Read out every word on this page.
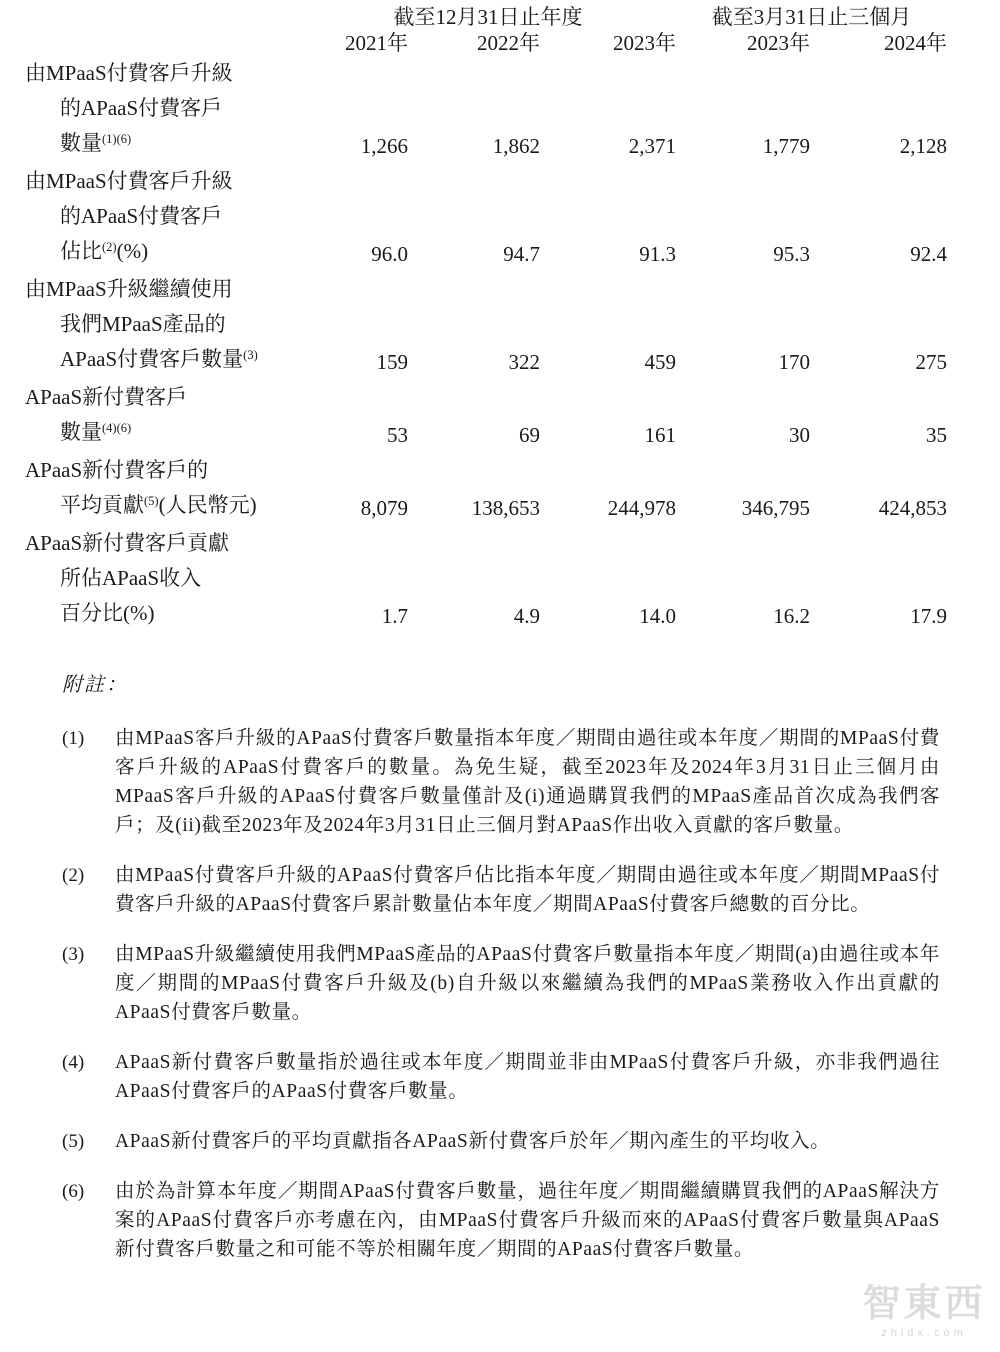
	截至12月31日止年度			截至3月31日止三個月	
	2021年	2022年	2023年	2023年	2024年

由MPaaS付費客戶升級
的APaaS付費客戶
數量$^{(1)(6)}$	1,266	1,862	2,371	1,779	2,128

由MPaaS付費客戶升級
的APaaS付費客戶
佔比$^{(2)}$(%)	96.0	94.7	91.3	95.3	92.4

由MPaaS升級繼續使用
我們MPaaS產品的
APaaS付費客戶數量$^{(3)}$	159	322	459	170	275

APaaS新付費客戶
數量$^{(4)(6)}$	53	69	161	30	35

APaaS新付費客戶的
平均貢獻$^{(5)}$(人民幣元)	8,079	138,653	244,978	346,795	424,853

APaaS新付費客戶貢獻
所佔APaaS收入
百分比(%)	1.7	4.9	14.0	16.2	17.9
附註：
(1)	由MPaaS客戶升級的APaaS付費客戶數量指本年度／期間由過往或本年度／期間的MPaaS付費客戶升級的APaaS付費客戶的數量。為免生疑，截至2023年及2024年3月31日止三個月由MPaaS客戶升級的APaaS付費客戶數量僅計及(i)通過購買我們的MPaaS產品首次成為我們客戶；及(ii)截至2023年及2024年3月31日止三個月對APaaS作出收入貢獻的客戶數量。
(2)	由MPaaS付費客戶升級的APaaS付費客戶佔比指本年度／期間由過往或本年度／期間MPaaS付費客戶升級的APaaS付費客戶累計數量佔本年度／期間APaaS付費客戶總數的百分比。
(3)	由MPaaS升級繼續使用我們MPaaS產品的APaaS付費客戶數量指本年度／期間(a)由過往或本年度／期間的MPaaS付費客戶升級及(b)自升級以來繼續為我們的MPaaS業務收入作出貢獻的APaaS付費客戶數量。
(4)	APaaS新付費客戶數量指於過往或本年度／期間並非由MPaaS付費客戶升級，亦非我們過往APaaS付費客戶的APaaS付費客戶數量。
(5)	APaaS新付費客戶的平均貢獻指各APaaS新付費客戶於年／期內產生的平均收入。
(6)	由於為計算本年度／期間APaaS付費客戶數量，過往年度／期間繼續購買我們的APaaS解決方案的APaaS付費客戶亦考慮在內，由MPaaS付費客戶升級而來的APaaS付費客戶數量與APaaS新付費客戶數量之和可能不等於相關年度／期間的APaaS付費客戶數量。
智東西
zhidx.com
